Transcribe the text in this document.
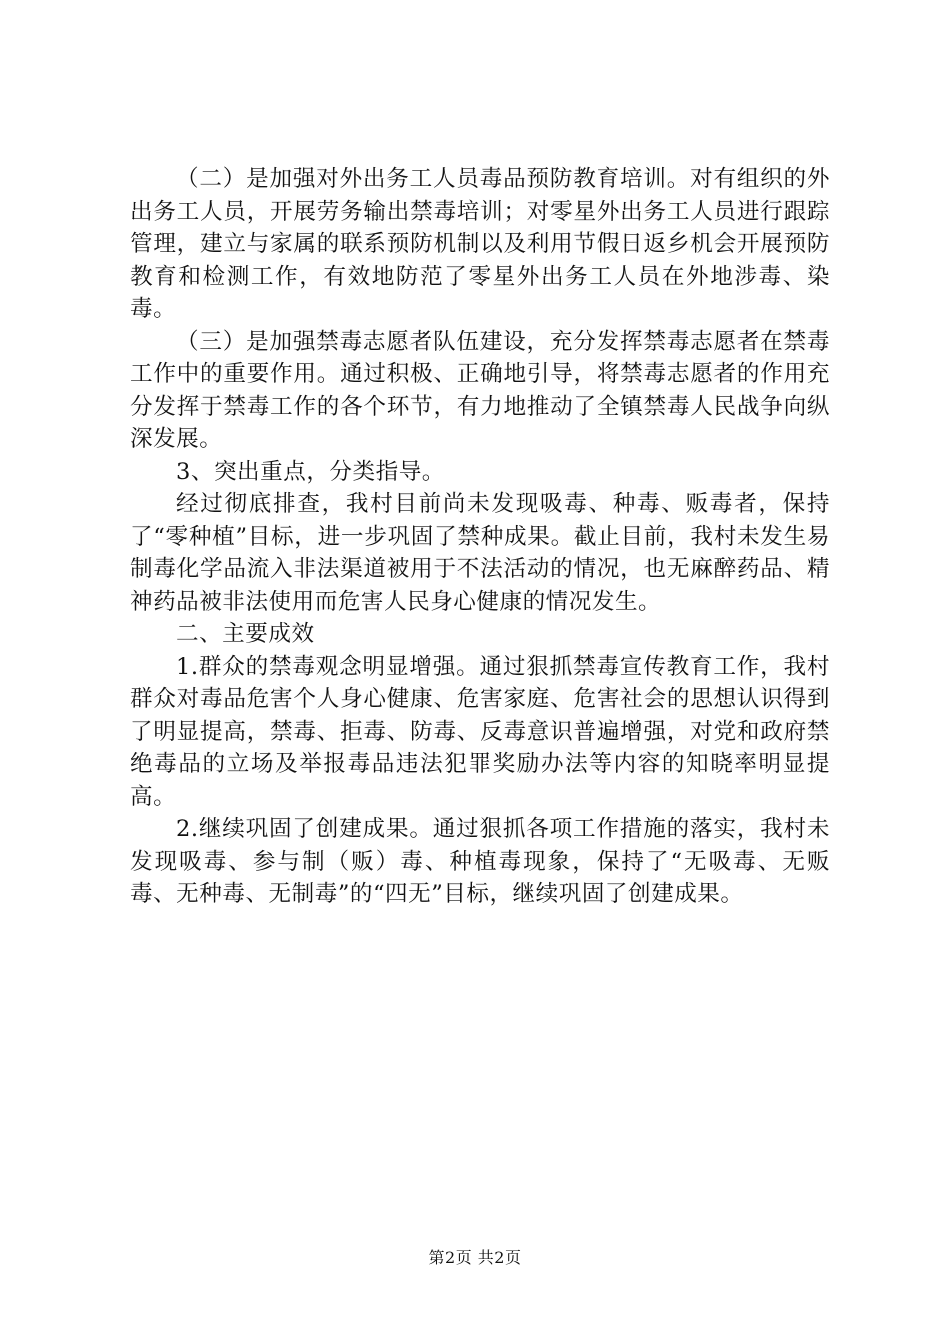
（二）是加强对外出务工人员毒品预防教育培训。对有组织的外出务工人员，开展劳务输出禁毒培训；对零星外出务工人员进行跟踪管理，建立与家属的联系预防机制以及利用节假日返乡机会开展预防教育和检测工作，有效地防范了零星外出务工人员在外地涉毒、染毒。

（三）是加强禁毒志愿者队伍建设，充分发挥禁毒志愿者在禁毒工作中的重要作用。通过积极、正确地引导，将禁毒志愿者的作用充分发挥于禁毒工作的各个环节，有力地推动了全镇禁毒人民战争向纵深发展。

3、突出重点，分类指导。

经过彻底排查，我村目前尚未发现吸毒、种毒、贩毒者，保持了“零种植”目标，进一步巩固了禁种成果。截止目前，我村未发生易制毒化学品流入非法渠道被用于不法活动的情况，也无麻醉药品、精神药品被非法使用而危害人民身心健康的情况发生。

二、主要成效

1.群众的禁毒观念明显增强。通过狠抓禁毒宣传教育工作，我村群众对毒品危害个人身心健康、危害家庭、危害社会的思想认识得到了明显提高，禁毒、拒毒、防毒、反毒意识普遍增强，对党和政府禁绝毒品的立场及举报毒品违法犯罪奖励办法等内容的知晓率明显提高。

2.继续巩固了创建成果。通过狠抓各项工作措施的落实，我村未发现吸毒、参与制（贩）毒、种植毒现象，保持了“无吸毒、无贩毒、无种毒、无制毒”的“四无”目标，继续巩固了创建成果。

第2页 共2页
